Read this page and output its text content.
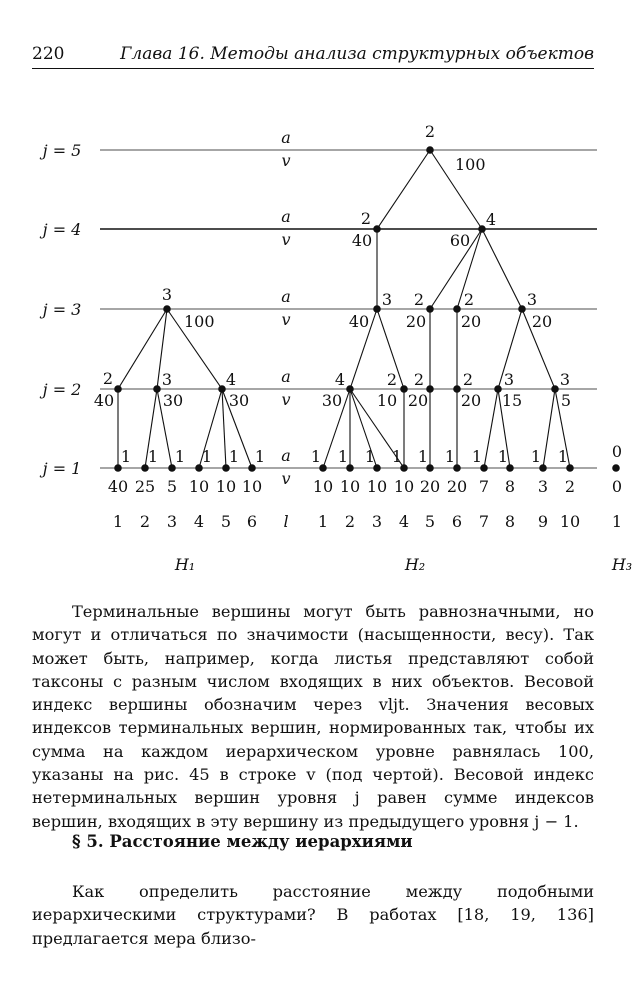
220	Глава 16. Методы анализа структурных объектов
j = 5
a
v
j = 4
a
v
j = 3
a
v
j = 2
a
v
j = 1
a
v
3
100
2
40
3
30
4
30
2
100
2
40
4
60
3
40
2
20
2
20
3
20
4
30
2
10
2
20
2
20
3
15
3
5
0
0
1
40
1
1
25
2
1
5
3
1
10
4
1
10
5
1
10
6
1
10
1
1
10
2
1
10
3
1
10
4
1
20
5
1
20
6
1
7
7
1
8
8
1
3
9
1
2
10
l	1
H₁	H₂	H₃

Терминальные вершины могут быть равнозначными, но могут и отличаться по значимости (насыщенности, весу). Так может быть, например, когда листья представляют собой таксоны с разным числом входящих в них объектов. Весовой индекс вершины обозначим через vljt. Значения весовых индексов терминальных вершин, нормированных так, чтобы их сумма на каждом иерархическом уровне равнялась 100, указаны на рис. 45 в строке v (под чертой). Весовой индекс нетерминальных вершин уровня j равен сумме индексов вершин, входящих в эту вершину из предыдущего уровня j − 1.

§ 5. Расстояние между иерархиями

Как определить расстояние между подобными иерархическими структурами? В работах [18, 19, 136] предлагается мера близо-
